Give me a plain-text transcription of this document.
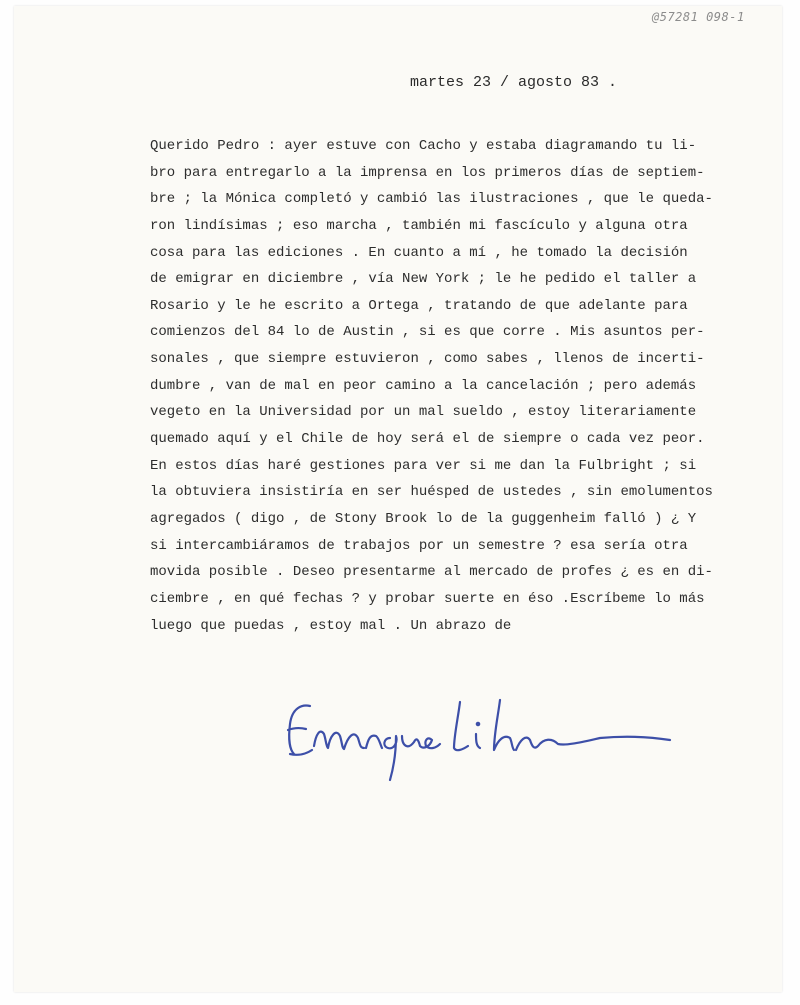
@57281 098-1
martes 23 / agosto 83 .
Querido Pedro : ayer estuve con Cacho y estaba diagramando tu li-
bro para entregarlo a la imprensa en los primeros días de septiem-
bre ; la Mónica completó y cambió las ilustraciones , que le queda-
ron lindísimas ; eso marcha , también mi fascículo y alguna otra
cosa para las ediciones . En cuanto a mí , he tomado la decisión
de emigrar en diciembre , vía New York ; le he pedido el taller a
Rosario y le he escrito a Ortega , tratando de que adelante para
comienzos del 84 lo de Austin , si es que corre . Mis asuntos per-
sonales , que siempre estuvieron , como sabes , llenos de incerti-
dumbre , van de mal en peor camino a la cancelación ; pero además
vegeto en la Universidad por un mal sueldo , estoy literariamente
quemado aquí y el Chile de hoy será el de siempre o cada vez peor.
En estos días haré gestiones para ver si me dan la Fulbright ; si
la obtuviera insistiría en ser huésped de ustedes , sin emolumentos
agregados ( digo , de Stony Brook lo de la guggenheim falló ) ¿ Y
si intercambiáramos de trabajos por un semestre ? esa sería otra
movida posible . Deseo presentarme al mercado de profes ¿ es en di-
ciembre , en qué fechas ? y probar suerte en éso .Escríbeme lo más
luego que puedas , estoy mal . Un abrazo de
